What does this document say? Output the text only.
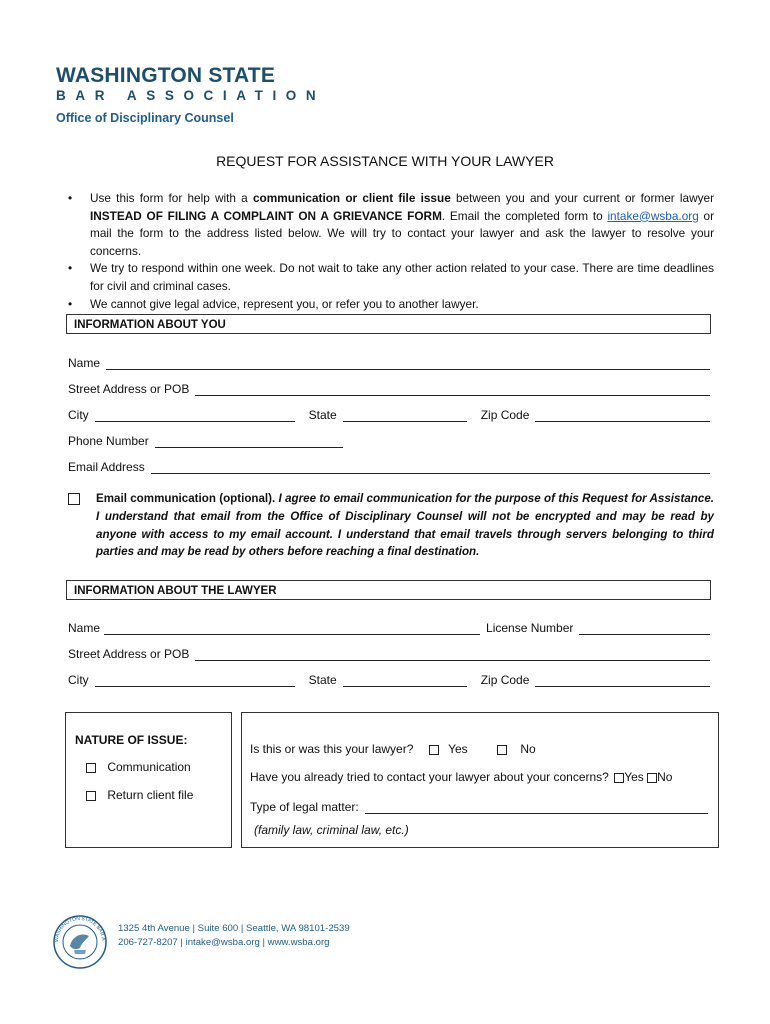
WASHINGTON STATE
BAR ASSOCIATION
Office of Disciplinary Counsel
REQUEST FOR ASSISTANCE WITH YOUR LAWYER
• Use this form for help with a communication or client file issue between you and your current or former lawyer INSTEAD OF FILING A COMPLAINT ON A GRIEVANCE FORM. Email the completed form to intake@wsba.org or mail the form to the address listed below. We will try to contact your lawyer and ask the lawyer to resolve your concerns.
• We try to respond within one week. Do not wait to take any other action related to your case. There are time deadlines for civil and criminal cases.
• We cannot give legal advice, represent you, or refer you to another lawyer.
INFORMATION ABOUT YOU
Name
Street Address or POB
City	State	Zip Code
Phone Number
Email Address
Email communication (optional). I agree to email communication for the purpose of this Request for Assistance. I understand that email from the Office of Disciplinary Counsel will not be encrypted and may be read by anyone with access to my email account. I understand that email travels through servers belonging to third parties and may be read by others before reaching a final destination.
INFORMATION ABOUT THE LAWYER
Name	License Number
Street Address or POB
City	State	Zip Code
NATURE OF ISSUE:
Communication
Return client file
Is this or was this your lawyer?	Yes	No
Have you already tried to contact your lawyer about your concerns? Yes No
Type of legal matter:
(family law, criminal law, etc.)
WASHINGTON STATE BAR A
1325 4th Avenue | Suite 600 | Seattle, WA 98101-2539
206-727-8207 | intake@wsba.org | www.wsba.org
